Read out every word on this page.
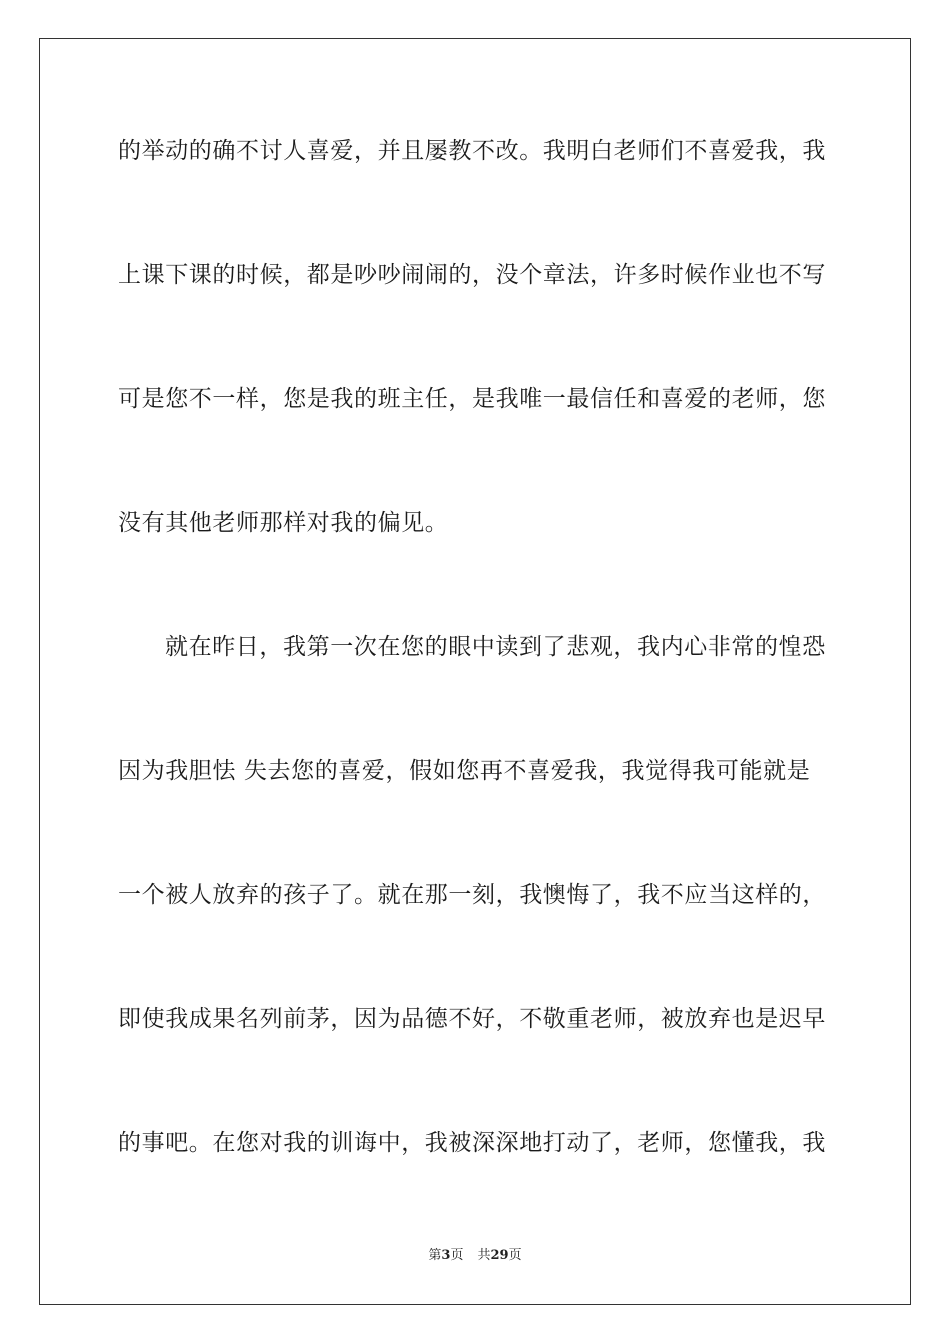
的举动的确不讨人喜爱，并且屡教不改。我明白老师们不喜爱我，我
上课下课的时候，都是吵吵闹闹的，没个章法，许多时候作业也不写
可是您不一样，您是我的班主任，是我唯一最信任和喜爱的老师，您
没有其他老师那样对我的偏见。
就在昨日，我第一次在您的眼中读到了悲观，我内心非常的惶恐
因为我胆怯 失去您的喜爱，假如您再不喜爱我，我觉得我可能就是
一个被人放弃的孩子了。就在那一刻，我懊悔了，我不应当这样的，
即使我成果名列前茅，因为品德不好，不敬重老师，被放弃也是迟早
的事吧。在您对我的训诲中，我被深深地打动了，老师，您懂我，我
第3页 共29页
